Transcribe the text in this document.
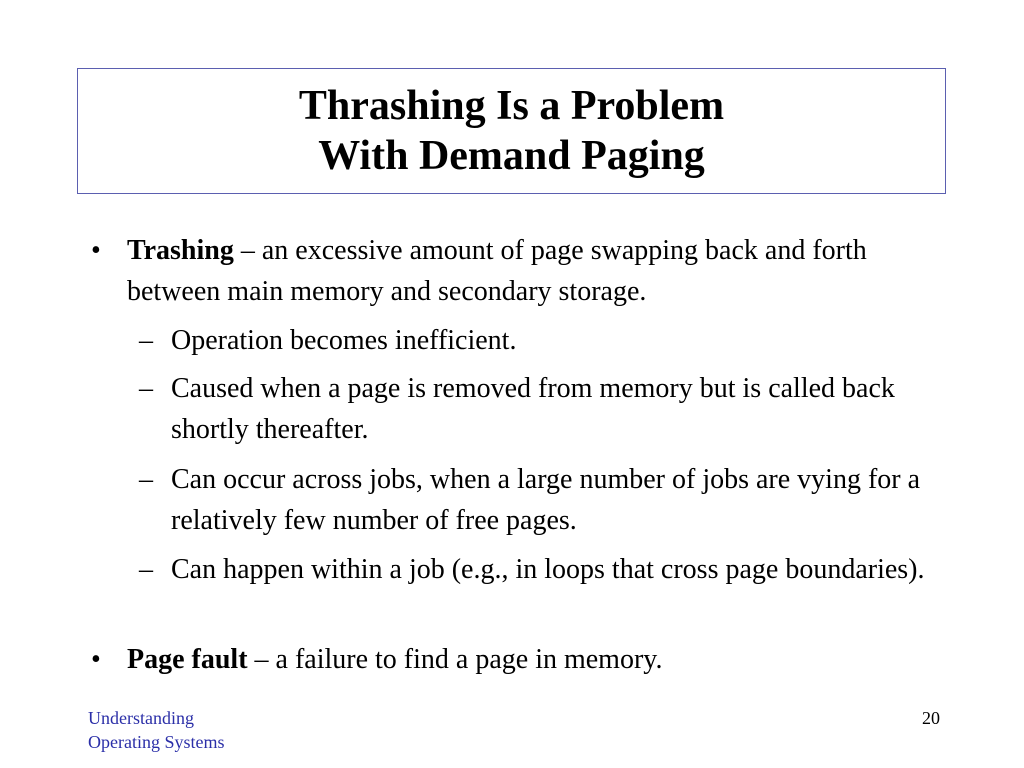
Thrashing Is a Problem
With Demand Paging
• Trashing – an excessive amount of page swapping back and forth between main memory and secondary storage.
– Operation becomes inefficient.
– Caused when a page is removed from memory but is called back shortly thereafter.
– Can occur across jobs, when a large number of jobs are vying for a relatively few number of free pages.
– Can happen within a job (e.g., in loops that cross page boundaries).
• Page fault – a failure to find a page in memory.
Understanding
Operating Systems
20
